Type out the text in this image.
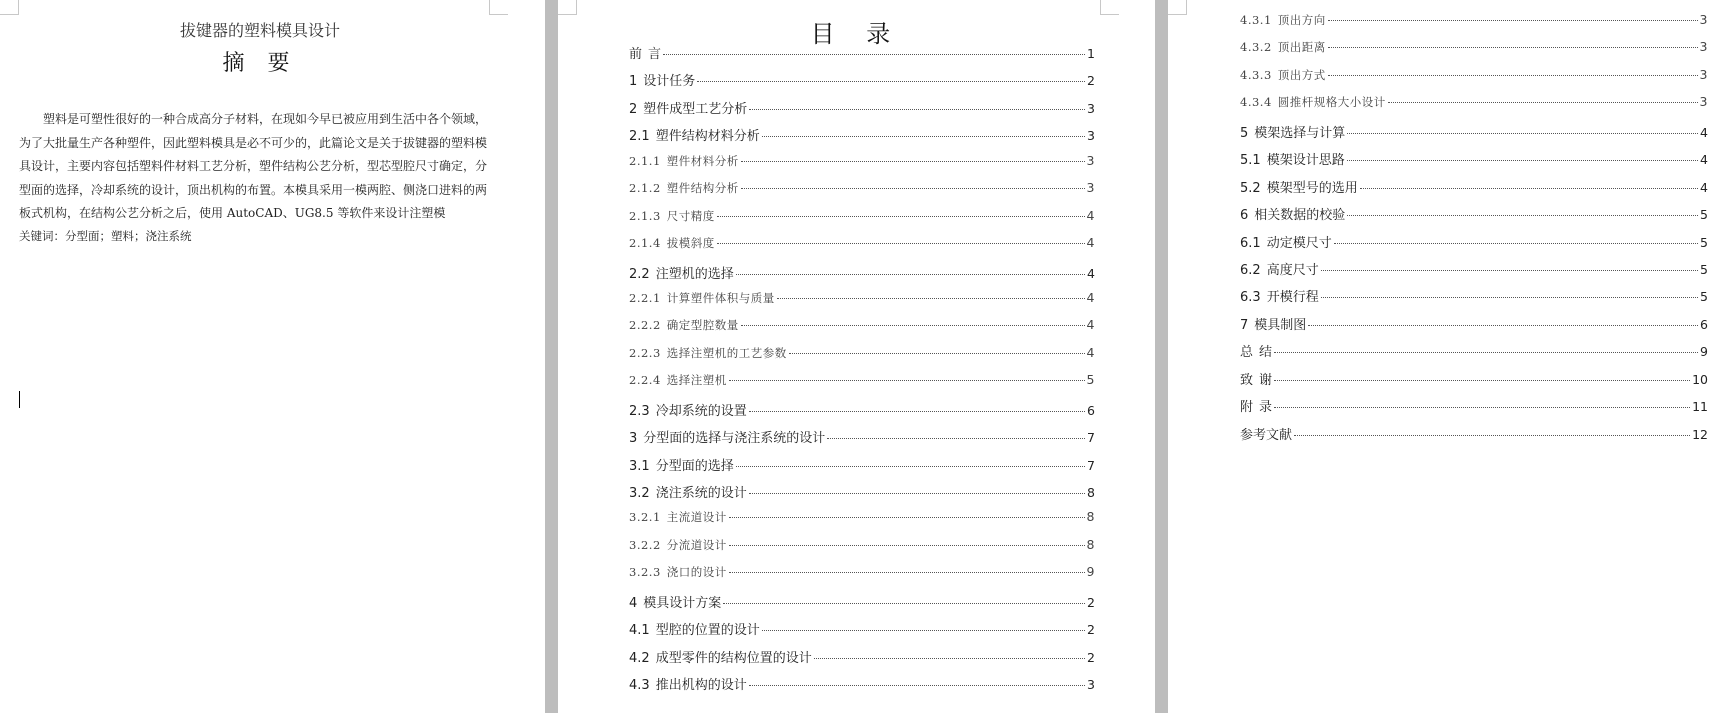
拔键器的塑料模具设计
摘 要

塑料是可塑性很好的一种合成高分子材料，在现如今早已被应用到生活中各个领域，为了大批量生产各种塑件，因此塑料模具是必不可少的，此篇论文是关于拔键器的塑料模具设计，主要内容包括塑料件材料工艺分析，塑件结构公艺分析，型芯型腔尺寸确定，分型面的选择，冷却系统的设计，顶出机构的布置。本模具采用一模两腔、侧浇口进料的两板式机构，在结构公艺分析之后，使用 AutoCAD、UG8.5 等软件来设计注塑模

关键词：分型面；塑料；浇注系统
目 录
前 言	1
1 设计任务	2
2 塑件成型工艺分析	3
2.1 塑件结构材料分析	3
2.1.1 塑件材料分析	3
2.1.2 塑件结构分析	3
2.1.3 尺寸精度	4
2.1.4 拔模斜度	4
2.2 注塑机的选择	4
2.2.1 计算塑件体积与质量	4
2.2.2 确定型腔数量	4
2.2.3 选择注塑机的工艺参数	4
2.2.4 选择注塑机	5
2.3 冷却系统的设置	6
3 分型面的选择与浇注系统的设计	7
3.1 分型面的选择	7
3.2 浇注系统的设计	8
3.2.1 主流道设计	8
3.2.2 分流道设计	8
3.2.3 浇口的设计	9
4 模具设计方案	2
4.1 型腔的位置的设计	2
4.2 成型零件的结构位置的设计	2
4.3 推出机构的设计	3
4.3.1 顶出方向	3
4.3.2 顶出距离	3
4.3.3 顶出方式	3
4.3.4 圆推杆规格大小设计	3
5 模架选择与计算	4
5.1 模架设计思路	4
5.2 模架型号的选用	4
6 相关数据的校验	5
6.1 动定模尺寸	5
6.2 高度尺寸	5
6.3 开模行程	5
7 模具制图	6
总 结	9
致 谢	10
附 录	11
参考文献	12
